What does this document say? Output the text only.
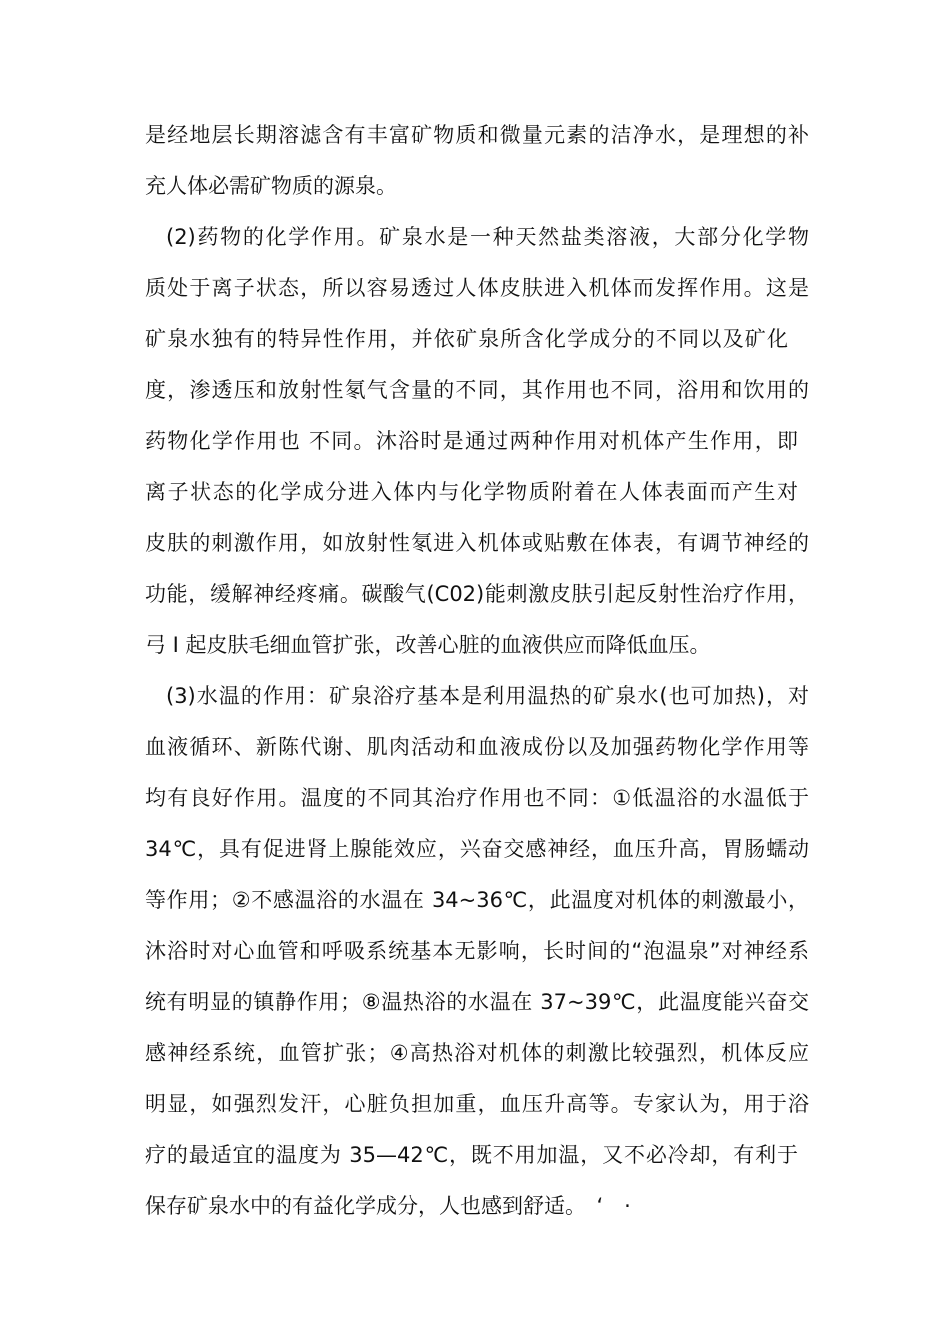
是经地层长期溶滤含有丰富矿物质和微量元素的洁净水，是理想的补
充人体必需矿物质的源泉。
(2)药物的化学作用。矿泉水是一种天然盐类溶液，大部分化学物
质处于离子状态，所以容易透过人体皮肤进入机体而发挥作用。这是
矿泉水独有的特异性作用，并依矿泉所含化学成分的不同以及矿化
度，渗透压和放射性氡气含量的不同，其作用也不同，浴用和饮用的
药物化学作用也 不同。沐浴时是通过两种作用对机体产生作用，即
离子状态的化学成分进入体内与化学物质附着在人体表面而产生对
皮肤的刺激作用，如放射性氡进入机体或贴敷在体表，有调节神经的
功能，缓解神经疼痛。碳酸气(C02)能刺激皮肤引起反射性治疗作用，
弓 I 起皮肤毛细血管扩张，改善心脏的血液供应而降低血压。
(3)水温的作用：矿泉浴疗基本是利用温热的矿泉水(也可加热)，对
血液循环、新陈代谢、肌肉活动和血液成份以及加强药物化学作用等
均有良好作用。温度的不同其治疗作用也不同：①低温浴的水温低于
34℃，具有促进肾上腺能效应，兴奋交感神经，血压升高，胃肠蠕动
等作用；②不感温浴的水温在 34~36℃，此温度对机体的刺激最小，
沐浴时对心血管和呼吸系统基本无影响，长时间的“泡温泉”对神经系
统有明显的镇静作用；⑧温热浴的水温在 37~39℃，此温度能兴奋交
感神经系统，血管扩张；④高热浴对机体的刺激比较强烈，机体反应
明显，如强烈发汗，心脏负担加重，血压升高等。专家认为，用于浴
疗的最适宜的温度为 35—42℃，既不用加温，又不必冷却，有利于
保存矿泉水中的有益化学成分，人也感到舒适。　‘　·
